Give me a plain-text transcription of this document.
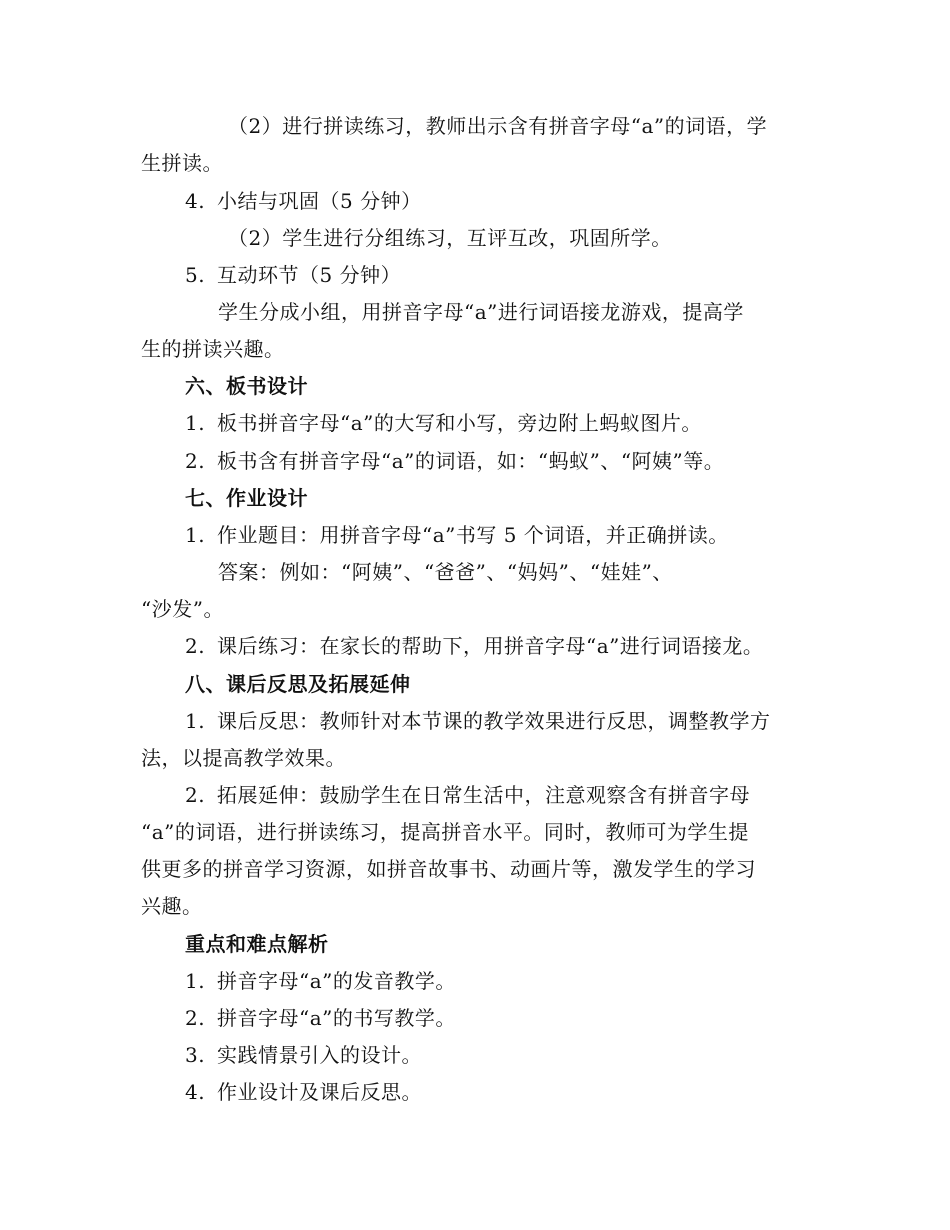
（2）进行拼读练习，教师出示含有拼音字母“a”的词语，学
生拼读。
4. 小结与巩固（5 分钟）
（2）学生进行分组练习，互评互改，巩固所学。
5. 互动环节（5 分钟）
学生分成小组，用拼音字母“a”进行词语接龙游戏，提高学
生的拼读兴趣。
六、板书设计
1. 板书拼音字母“a”的大写和小写，旁边附上蚂蚁图片。
2. 板书含有拼音字母“a”的词语，如：“蚂蚁”、“阿姨”等。
七、作业设计
1. 作业题目：用拼音字母“a”书写 5 个词语，并正确拼读。
答案：例如：“阿姨”、“爸爸”、“妈妈”、“娃娃”、
“沙发”。
2. 课后练习：在家长的帮助下，用拼音字母“a”进行词语接龙。
八、课后反思及拓展延伸
1. 课后反思：教师针对本节课的教学效果进行反思，调整教学方
法，以提高教学效果。
2. 拓展延伸：鼓励学生在日常生活中，注意观察含有拼音字母
“a”的词语，进行拼读练习，提高拼音水平。同时，教师可为学生提
供更多的拼音学习资源，如拼音故事书、动画片等，激发学生的学习
兴趣。
重点和难点解析
1. 拼音字母“a”的发音教学。
2. 拼音字母“a”的书写教学。
3. 实践情景引入的设计。
4. 作业设计及课后反思。
